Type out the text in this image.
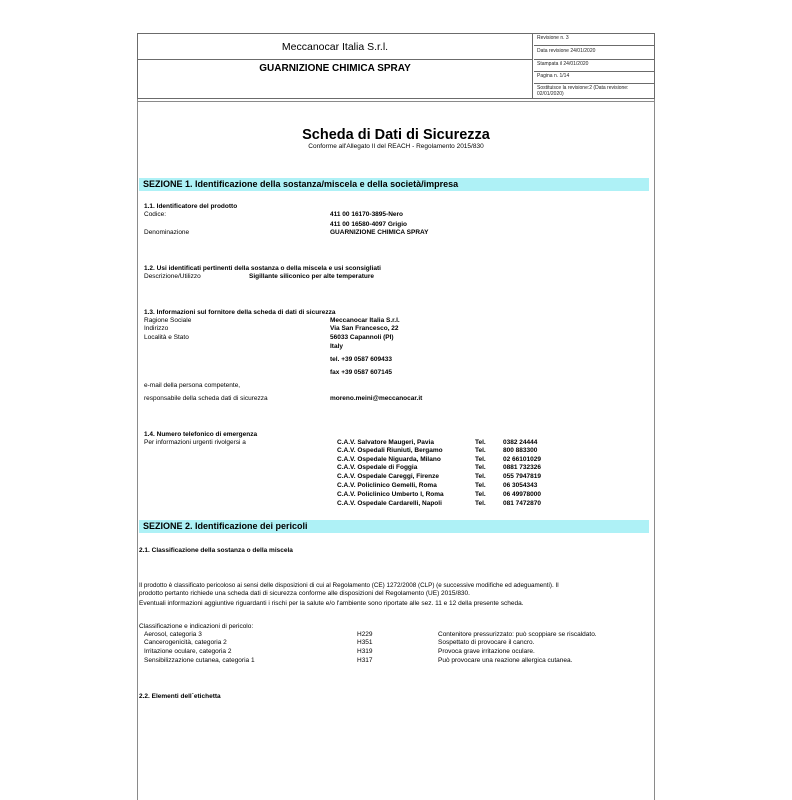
Meccanocar Italia S.r.l.
GUARNIZIONE CHIMICA SPRAY
Revisione n. 3
Data revisione 24/01/2020
Stampata il 24/01/2020
Pagina n. 1/14
Sostituisce la revisione:2 (Data revisione:
02/01/2020)
Scheda di Dati di Sicurezza
Conforme all'Allegato II del REACH - Regolamento 2015/830
SEZIONE 1. Identificazione della sostanza/miscela e della società/impresa
1.1. Identificatore del prodotto
Codice:	411 00 16170-3895-Nero
411 00 16580-4097 Grigio
Denominazione	GUARNIZIONE CHIMICA SPRAY
1.2. Usi identificati pertinenti della sostanza o della miscela e usi sconsigliati
Descrizione/Utilizzo	Sigillante siliconico per alte temperature
1.3. Informazioni sul fornitore della scheda di dati di sicurezza
Ragione Sociale	Meccanocar Italia S.r.l.
Indirizzo	Via San Francesco, 22
Località e Stato	56033 Capannoli (PI)
Italy
tel. +39 0587 609433
fax +39 0587 607145
e-mail della persona competente,
responsabile della scheda dati di sicurezza	moreno.meini@meccanocar.it
1.4. Numero telefonico di emergenza
Per informazioni urgenti rivolgersi a	C.A.V. Salvatore Maugeri, Pavia	Tel.	0382 24444
C.A.V. Ospedali Riuniuti, Bergamo	Tel.	800 883300
C.A.V. Ospedale Niguarda, Milano	Tel.	02 66101029
C.A.V. Ospedale di Foggia	Tel.	0881 732326
C.A.V. Ospedale Careggi, Firenze	Tel.	055 7947819
C.A.V. Policlinico Gemelli, Roma	Tel.	06 3054343
C.A.V. Policlinico Umberto I, Roma	Tel.	06 49978000
C.A.V. Ospedale Cardarelli, Napoli	Tel.	081 7472870
SEZIONE 2. Identificazione dei pericoli
2.1. Classificazione della sostanza o della miscela
Il prodotto è classificato pericoloso ai sensi delle disposizioni di cui al Regolamento (CE) 1272/2008 (CLP) (e successive modifiche ed adeguamenti). Il
prodotto pertanto richiede una scheda dati di sicurezza conforme alle disposizioni del Regolamento (UE) 2015/830.
Eventuali informazioni aggiuntive riguardanti i rischi per la salute e/o l'ambiente sono riportate alle sez. 11 e 12 della presente scheda.
Classificazione e indicazioni di pericolo:
Aerosol, categoria 3	H229	Contenitore pressurizzato: può scoppiare se riscaldato.
Cancerogenicità, categoria 2	H351	Sospettato di provocare il cancro.
Irritazione oculare, categoria 2	H319	Provoca grave irritazione oculare.
Sensibilizzazione cutanea, categoria 1	H317	Può provocare una reazione allergica cutanea.
2.2. Elementi dell`etichetta
